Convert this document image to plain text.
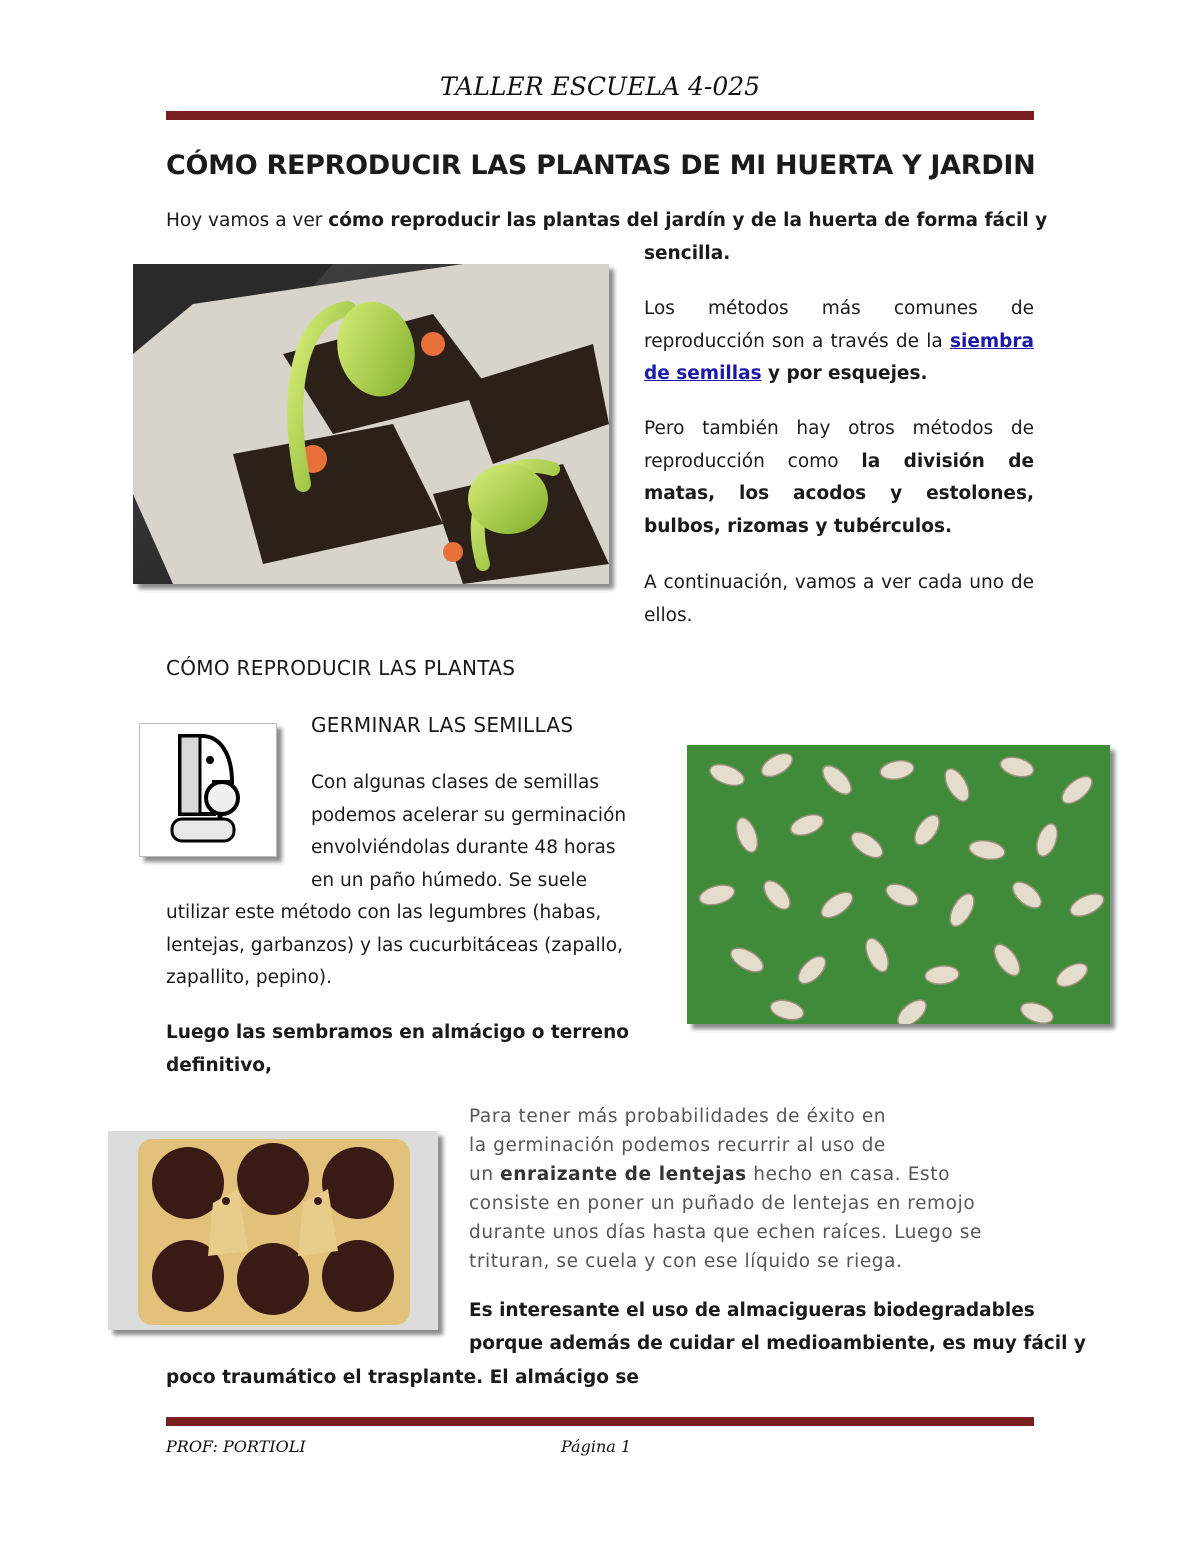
TALLER ESCUELA 4-025
CÓMO REPRODUCIR LAS PLANTAS DE MI HUERTA Y JARDIN
Hoy vamos a ver cómo reproducir las plantas del jardín y de la huerta de forma fácil y
sencilla.
Los métodos más comunes de reproducción son a través de la siembra de semillas y por esquejes.
Pero también hay otros métodos de reproducción como la división de matas, los acodos y estolones, bulbos, rizomas y tubérculos.
A continuación, vamos a ver cada uno de ellos.
CÓMO REPRODUCIR LAS PLANTAS
GERMINAR LAS SEMILLAS
Con algunas clases de semillas
podemos acelerar su germinación
envolviéndolas durante 48 horas
en un paño húmedo. Se suele
utilizar este método con las legumbres (habas,
lentejas, garbanzos) y las cucurbitáceas (zapallo,
zapallito, pepino).
Luego las sembramos en almácigo o terreno
definitivo,
Para tener más probabilidades de éxito en
la germinación podemos recurrir al uso de
un enraizante de lentejas hecho en casa. Esto
consiste en poner un puñado de lentejas en remojo
durante unos días hasta que echen raíces. Luego se
trituran, se cuela y con ese líquido se riega.
Es interesante el uso de almacigueras biodegradables
porque además de cuidar el medioambiente, es muy fácil y
poco traumático el trasplante. El almácigo se
PROF: PORTIOLI	Página 1
